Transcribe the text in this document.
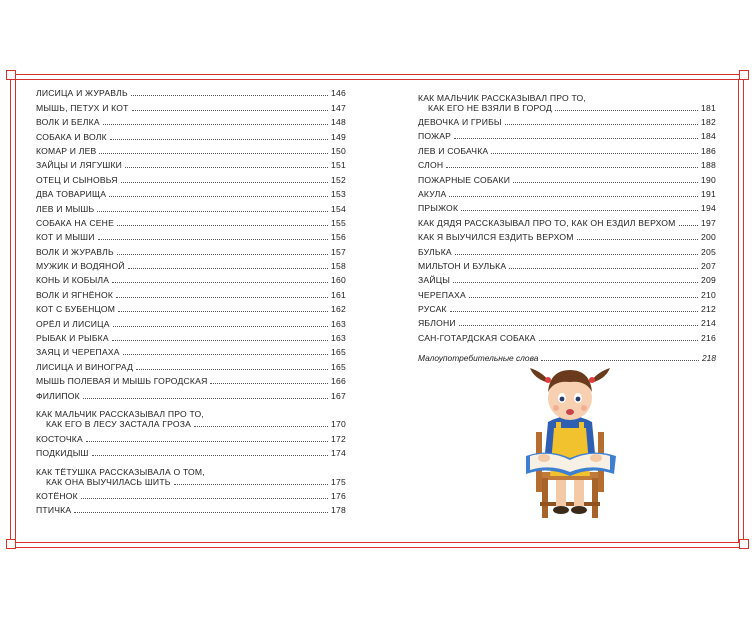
ЛИСИЦА И ЖУРАВЛЬ	146
МЫШЬ, ПЕТУХ И КОТ	147
ВОЛК И БЕЛКА	148
СОБАКА И ВОЛК	149
КОМАР И ЛЕВ	150
ЗАЙЦЫ И ЛЯГУШКИ	151
ОТЕЦ И СЫНОВЬЯ	152
ДВА ТОВАРИЩА	153
ЛЕВ И МЫШЬ	154
СОБАКА НА СЕНЕ	155
КОТ И МЫШИ	156
ВОЛК И ЖУРАВЛЬ	157
МУЖИК И ВОДЯНОЙ	158
КОНЬ И КОБЫЛА	160
ВОЛК И ЯГНЁНОК	161
КОТ С БУБЕНЦОМ	162
ОРЁЛ И ЛИСИЦА	163
РЫБАК И РЫБКА	163
ЗАЯЦ И ЧЕРЕПАХА	165
ЛИСИЦА И ВИНОГРАД	165
МЫШЬ ПОЛЕВАЯ И МЫШЬ ГОРОДСКАЯ	166
ФИЛИПОК	167
КАК МАЛЬЧИК РАССКАЗЫВАЛ ПРО ТО,
КАК ЕГО В ЛЕСУ ЗАСТАЛА ГРОЗА	170
КОСТОЧКА	172
ПОДКИДЫШ	174
КАК ТЁТУШКА РАССКАЗЫВАЛА О ТОМ,
КАК ОНА ВЫУЧИЛАСЬ ШИТЬ	175
КОТЁНОК	176
ПТИЧКА	178
КАК МАЛЬЧИК РАССКАЗЫВАЛ ПРО ТО,
КАК ЕГО НЕ ВЗЯЛИ В ГОРОД	181
ДЕВОЧКА И ГРИБЫ	182
ПОЖАР	184
ЛЕВ И СОБАЧКА	186
СЛОН	188
ПОЖАРНЫЕ СОБАКИ	190
АКУЛА	191
ПРЫЖОК	194
КАК ДЯДЯ РАССКАЗЫВАЛ ПРО ТО, КАК ОН ЕЗДИЛ ВЕРХОМ	197
КАК Я ВЫУЧИЛСЯ ЕЗДИТЬ ВЕРХОМ	200
БУЛЬКА	205
МИЛЬТОН И БУЛЬКА	207
ЗАЙЦЫ	209
ЧЕРЕПАХА	210
РУСАК	212
ЯБЛОНИ	214
САН-ГОТАРДСКАЯ СОБАКА	216
Малоупотребительные слова	218
